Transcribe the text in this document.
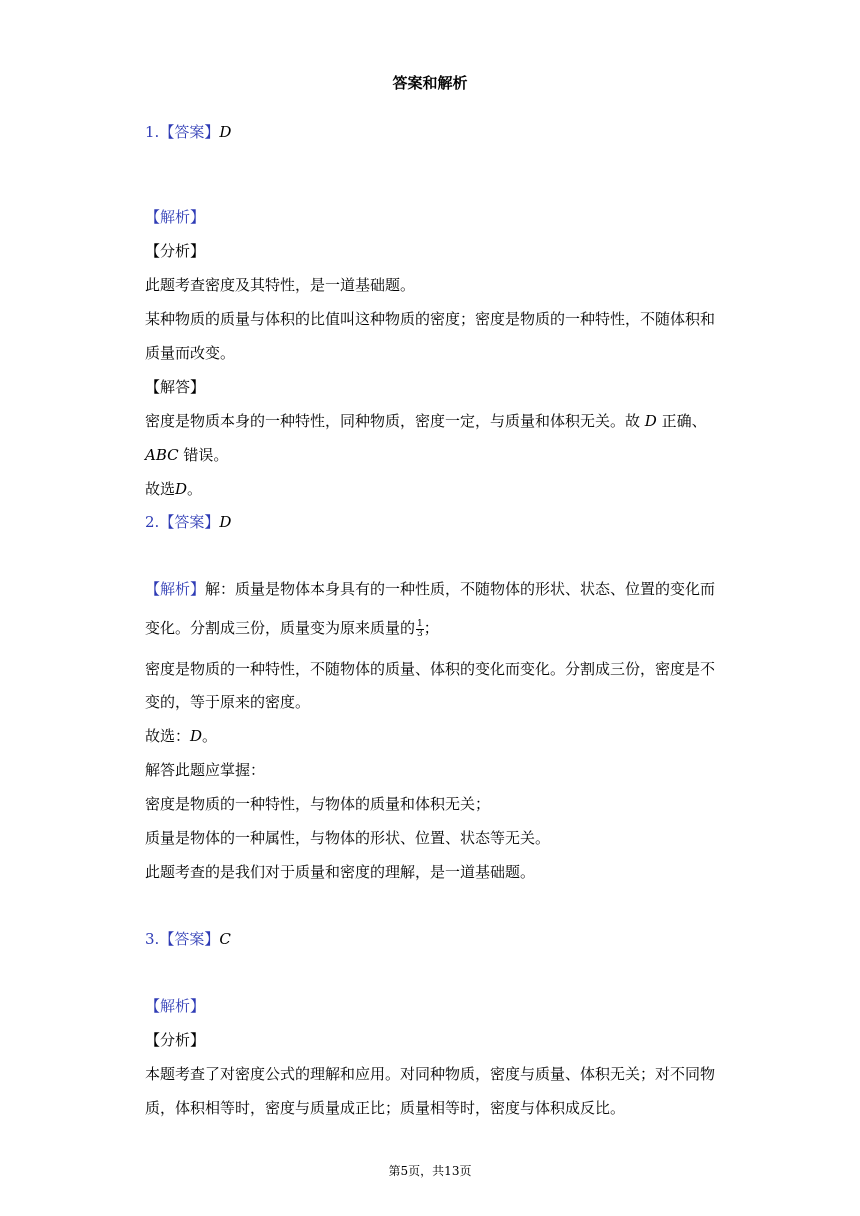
答案和解析
1.【答案】D
【解析】
【分析】
此题考查密度及其特性，是一道基础题。
某种物质的质量与体积的比值叫这种物质的密度；密度是物质的一种特性，不随体积和
质量而改变。
【解答】
密度是物质本身的一种特性，同种物质，密度一定，与质量和体积无关。故 D 正确、
ABC 错误。
故选D。
2.【答案】D
【解析】解：质量是物体本身具有的一种性质，不随物体的形状、状态、位置的变化而
变化。分割成三份，质量变为原来质量的 $\frac{1}{3}$ ；
密度是物质的一种特性，不随物体的质量、体积的变化而变化。分割成三份，密度是不
变的，等于原来的密度。
故选：D。
解答此题应掌握：
密度是物质的一种特性，与物体的质量和体积无关；
质量是物体的一种属性，与物体的形状、位置、状态等无关。
此题考查的是我们对于质量和密度的理解，是一道基础题。
3.【答案】C
【解析】
【分析】
本题考查了对密度公式的理解和应用。对同种物质，密度与质量、体积无关；对不同物
质，体积相等时，密度与质量成正比；质量相等时，密度与体积成反比。
第5页，共13页
